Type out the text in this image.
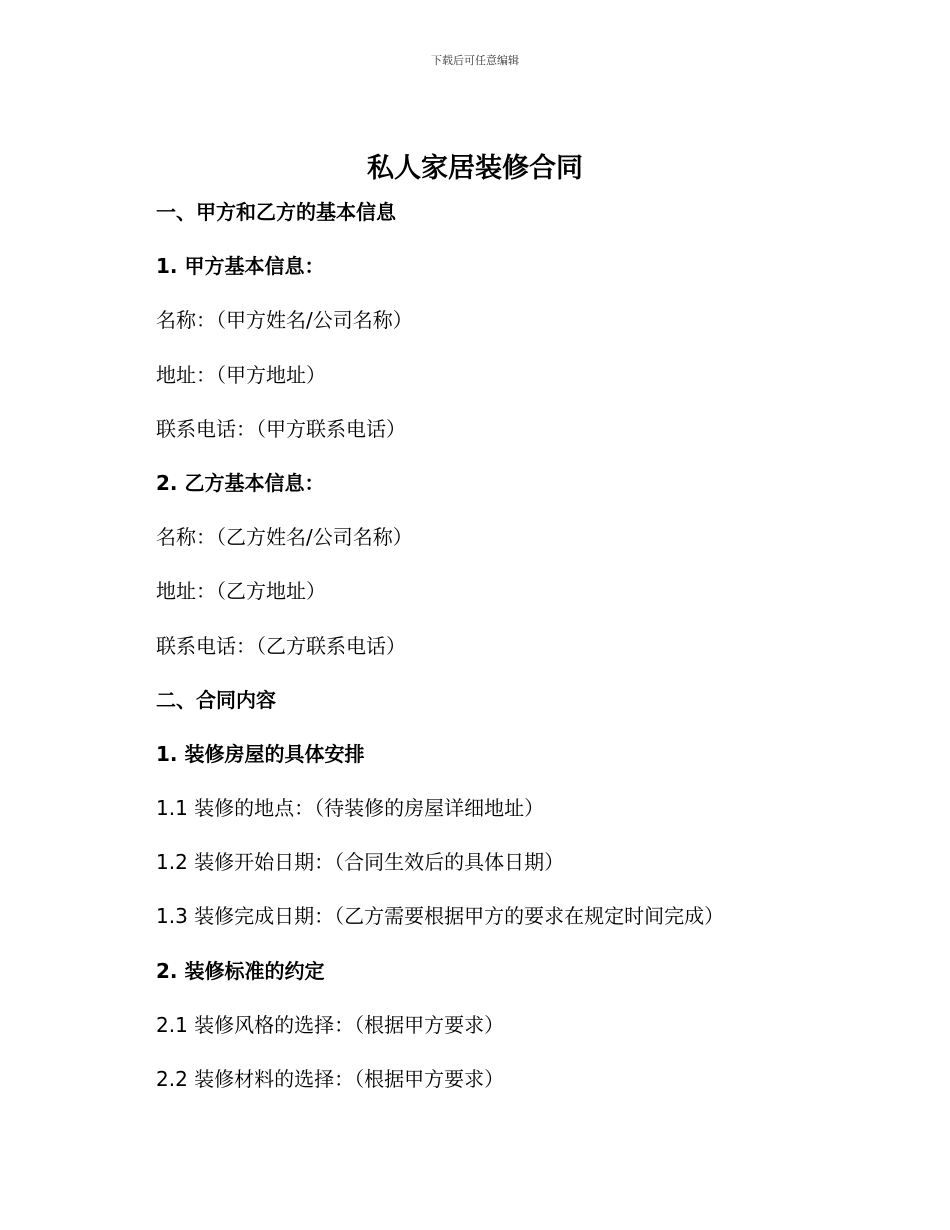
下载后可任意编辑
私人家居装修合同
一、甲方和乙方的基本信息
1. 甲方基本信息：
名称：（甲方姓名/公司名称）
地址：（甲方地址）
联系电话：（甲方联系电话）
2. 乙方基本信息：
名称：（乙方姓名/公司名称）
地址：（乙方地址）
联系电话：（乙方联系电话）
二、合同内容
1. 装修房屋的具体安排
1.1 装修的地点：（待装修的房屋详细地址）
1.2 装修开始日期：（合同生效后的具体日期）
1.3 装修完成日期：（乙方需要根据甲方的要求在规定时间完成）
2. 装修标准的约定
2.1 装修风格的选择：（根据甲方要求）
2.2 装修材料的选择：（根据甲方要求）
